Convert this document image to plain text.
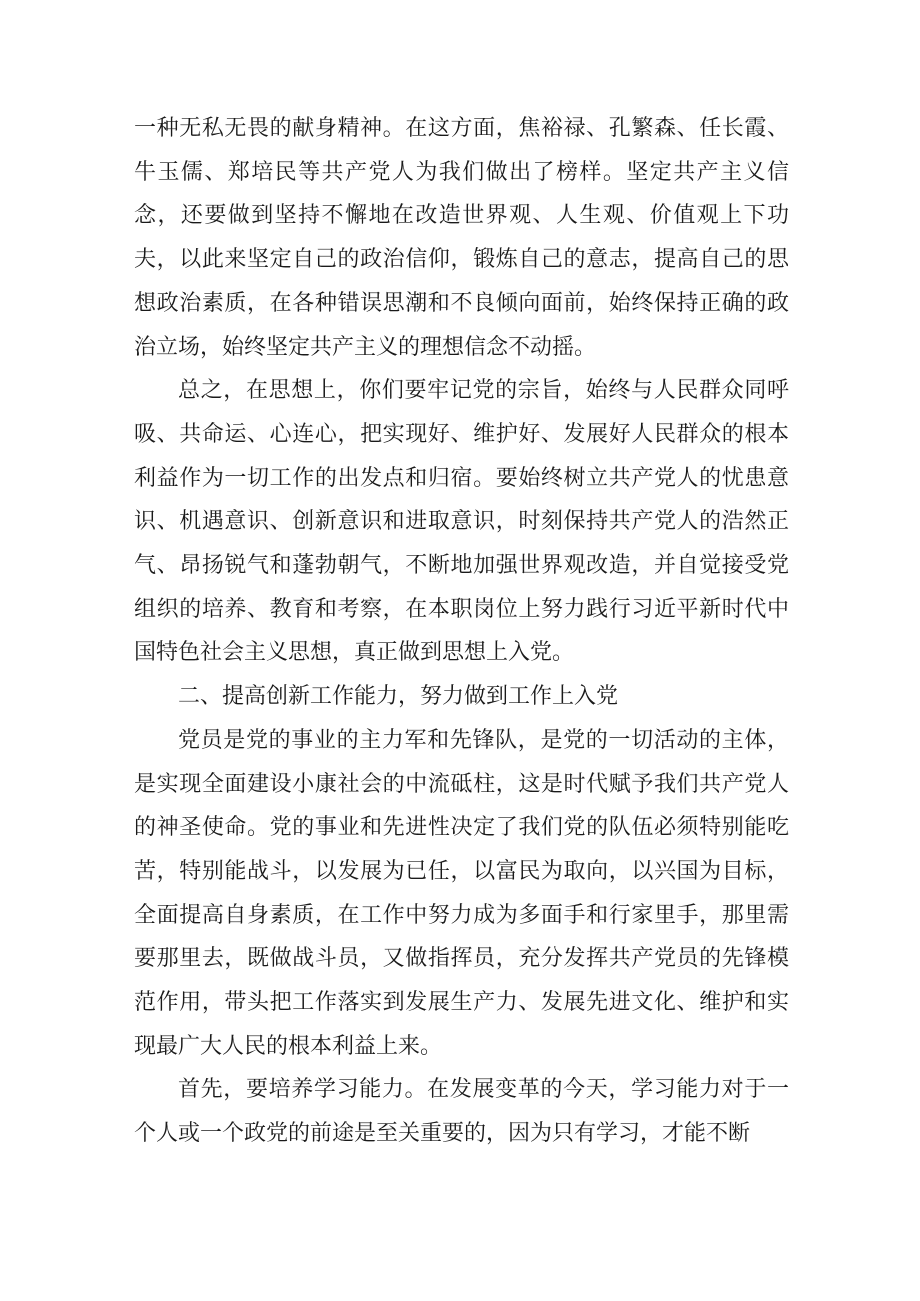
一种无私无畏的献身精神。在这方面，焦裕禄、孔繁森、任长霞、牛玉儒、郑培民等共产党人为我们做出了榜样。坚定共产主义信念，还要做到坚持不懈地在改造世界观、人生观、价值观上下功夫，以此来坚定自己的政治信仰，锻炼自己的意志，提高自己的思想政治素质，在各种错误思潮和不良倾向面前，始终保持正确的政治立场，始终坚定共产主义的理想信念不动摇。

总之，在思想上，你们要牢记党的宗旨，始终与人民群众同呼吸、共命运、心连心，把实现好、维护好、发展好人民群众的根本利益作为一切工作的出发点和归宿。要始终树立共产党人的忧患意识、机遇意识、创新意识和进取意识，时刻保持共产党人的浩然正气、昂扬锐气和蓬勃朝气，不断地加强世界观改造，并自觉接受党组织的培养、教育和考察，在本职岗位上努力践行习近平新时代中国特色社会主义思想，真正做到思想上入党。

二、提高创新工作能力，努力做到工作上入党

党员是党的事业的主力军和先锋队，是党的一切活动的主体，是实现全面建设小康社会的中流砥柱，这是时代赋予我们共产党人的神圣使命。党的事业和先进性决定了我们党的队伍必须特别能吃苦，特别能战斗，以发展为已任，以富民为取向，以兴国为目标，全面提高自身素质，在工作中努力成为多面手和行家里手，那里需要那里去，既做战斗员，又做指挥员，充分发挥共产党员的先锋模范作用，带头把工作落实到发展生产力、发展先进文化、维护和实现最广大人民的根本利益上来。

首先，要培养学习能力。在发展变革的今天，学习能力对于一个人或一个政党的前途是至关重要的，因为只有学习，才能不断
